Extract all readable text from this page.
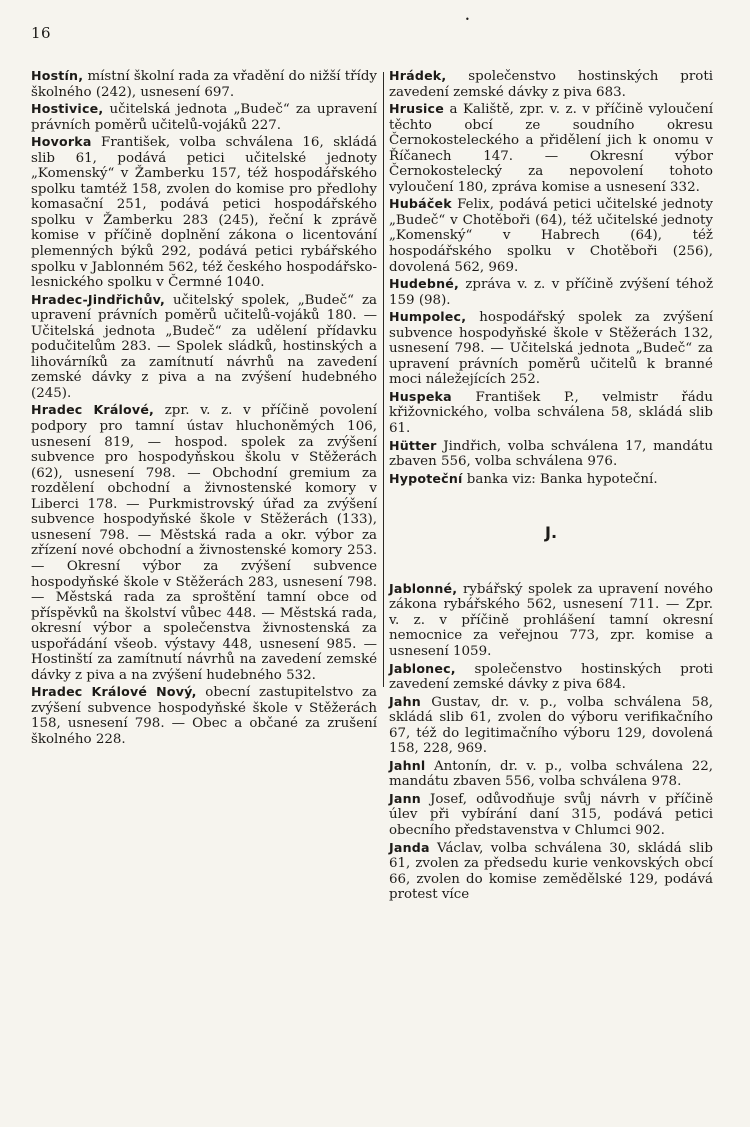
16
•

Hostín, místní školní rada za vřadění do nižší třídy školného (242), usnesení 697.

Hostivice, učitelská jednota „Budeč“ za upravení právních poměrů učitelů-vojáků 227.

Hovorka František, volba schválena 16, skládá slib 61, podává petici učitelské jednoty „Komenský“ v Žamberku 157, též hospodářského spolku tamtéž 158, zvolen do komise pro předlohy komasační 251, podává petici hospodářského spolku v Žamberku 283 (245), řeční k zprávě komise v příčině doplnění zákona o licentování plemenných býků 292, podává petici rybářského spolku v Jablonném 562, též českého hospodářsko-lesnického spolku v Čermné 1040.

Hradec-Jindřichův, učitelský spolek, „Budeč“ za upravení právních poměrů učitelů-vojáků 180. — Učitelská jednota „Budeč“ za udělení přídavku podučitelům 283. — Spolek sládků, hostinských a lihovárníků za zamítnutí návrhů na zavedení zemské dávky z piva a na zvýšení hudebného (245).

Hradec Králové, zpr. v. z. v příčině povolení podpory pro tamní ústav hluchoněmých 106, usnesení 819, — hospod. spolek za zvýšení subvence pro hospodyňskou školu v Stěžerách (62), usnesení 798. — Obchodní gremium za rozdělení obchodní a živnostenské komory v Liberci 178. — Purkmistrovský úřad za zvýšení subvence hospodyňské škole v Stěžerách (133), usnesení 798. — Městská rada a okr. výbor za zřízení nové obchodní a živnostenské komory 253. — Okresní výbor za zvýšení subvence hospodyňské škole v Stěžerách 283, usnesení 798. — Městská rada za sproštění tamní obce od příspěvků na školství vůbec 448. — Městská rada, okresní výbor a společenstva živnostenská za uspořádání všeob. výstavy 448, usnesení 985. — Hostinští za zamítnutí návrhů na zavedení zemské dávky z piva a na zvýšení hudebného 532.

Hradec Králové Nový, obecní zastupitelstvo za zvýšení subvence hospodyňské škole v Stěžerách 158, usnesení 798. — Obec a občané za zrušení školného 228.

Hrádek, společenstvo hostinských proti zavedení zemské dávky z piva 683.

Hrusice a Kaliště, zpr. v. z. v příčině vyloučení těchto obcí ze soudního okresu Černokosteleckého a přidělení jich k onomu v Říčanech 147. — Okresní výbor Černokostelecký za nepovolení tohoto vyloučení 180, zpráva komise a usnesení 332.

Hubáček Felix, podává petici učitelské jednoty „Budeč“ v Chotěboři (64), též učitelské jednoty „Komenský“ v Habrech (64), též hospodářského spolku v Chotěboři (256), dovolená 562, 969.

Hudebné, zpráva v. z. v příčině zvýšení téhož 159 (98).

Humpolec, hospodářský spolek za zvýšení subvence hospodyňské škole v Stěžerách 132, usnesení 798. — Učitelská jednota „Budeč“ za upravení právních poměrů učitelů k branné moci náležejících 252.

Huspeka František P., velmistr řádu křižovnického, volba schválena 58, skládá slib 61.

Hütter Jindřich, volba schválena 17, mandátu zbaven 556, volba schválena 976.

Hypoteční banka viz: Banka hypoteční.

J.

Jablonné, rybářský spolek za upravení nového zákona rybářského 562, usnesení 711. — Zpr. v. z. v příčině prohlášení tamní okresní nemocnice za veřejnou 773, zpr. komise a usnesení 1059.

Jablonec, společenstvo hostinských proti zavedení zemské dávky z piva 684.

Jahn Gustav, dr. v. p., volba schválena 58, skládá slib 61, zvolen do výboru verifikačního 67, též do legitimačního výboru 129, dovolená 158, 228, 969.

Jahnl Antonín, dr. v. p., volba schválena 22, mandátu zbaven 556, volba schválena 978.

Jann Josef, odůvodňuje svůj návrh v příčině úlev při vybírání daní 315, podává petici obecního představenstva v Chlumci 902.

Janda Václav, volba schválena 30, skládá slib 61, zvolen za předsedu kurie venkovských obcí 66, zvolen do komise zemědělské 129, podává protest více
